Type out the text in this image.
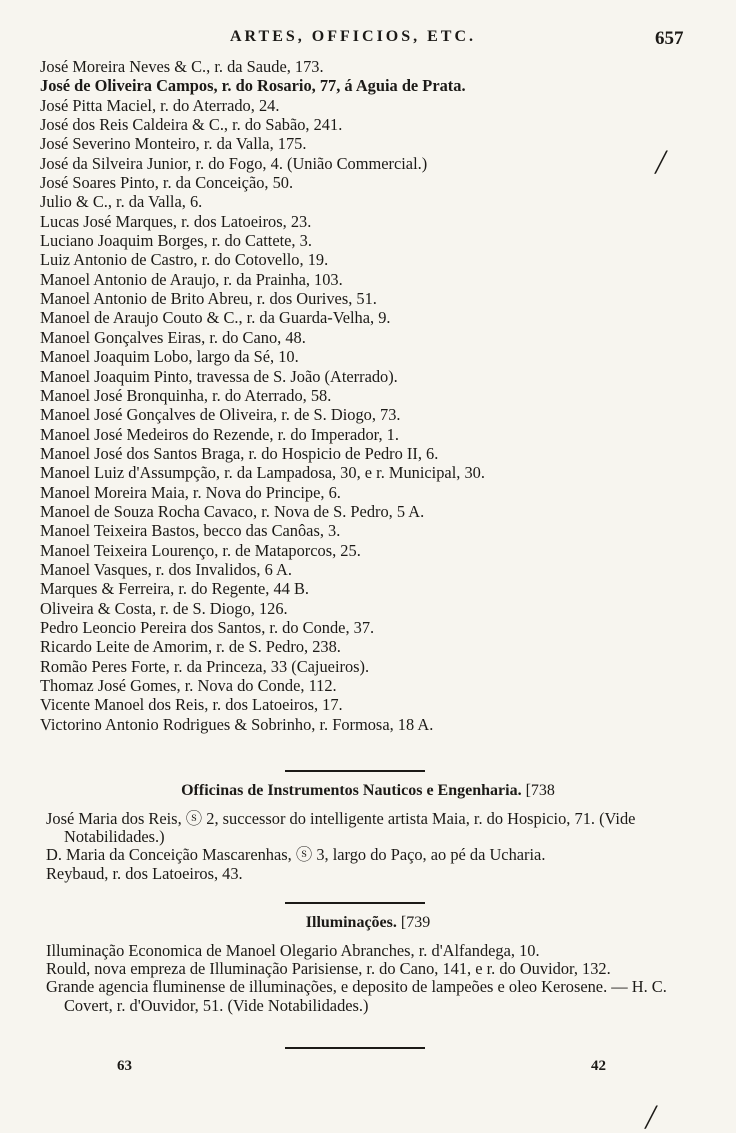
ARTES, OFFICIOS, ETC.	657
José Moreira Neves & C., r. da Saude, 173.
José de Oliveira Campos, r. do Rosario, 77, á Aguia de Prata.
José Pitta Maciel, r. do Aterrado, 24.
José dos Reis Caldeira & C., r. do Sabão, 241.
José Severino Monteiro, r. da Valla, 175.
José da Silveira Junior, r. do Fogo, 4. (União Commercial.)
José Soares Pinto, r. da Conceição, 50.
Julio & C., r. da Valla, 6.
Lucas José Marques, r. dos Latoeiros, 23.
Luciano Joaquim Borges, r. do Cattete, 3.
Luiz Antonio de Castro, r. do Cotovello, 19.
Manoel Antonio de Araujo, r. da Prainha, 103.
Manoel Antonio de Brito Abreu, r. dos Ourives, 51.
Manoel de Araujo Couto & C., r. da Guarda-Velha, 9.
Manoel Gonçalves Eiras, r. do Cano, 48.
Manoel Joaquim Lobo, largo da Sé, 10.
Manoel Joaquim Pinto, travessa de S. João (Aterrado).
Manoel José Bronquinha, r. do Aterrado, 58.
Manoel José Gonçalves de Oliveira, r. de S. Diogo, 73.
Manoel José Medeiros do Rezende, r. do Imperador, 1.
Manoel José dos Santos Braga, r. do Hospicio de Pedro II, 6.
Manoel Luiz d'Assumpção, r. da Lampadosa, 30, e r. Municipal, 30.
Manoel Moreira Maia, r. Nova do Principe, 6.
Manoel de Souza Rocha Cavaco, r. Nova de S. Pedro, 5 A.
Manoel Teixeira Bastos, becco das Canôas, 3.
Manoel Teixeira Lourenço, r. de Mataporcos, 25.
Manoel Vasques, r. dos Invalidos, 6 A.
Marques & Ferreira, r. do Regente, 44 B.
Oliveira & Costa, r. de S. Diogo, 126.
Pedro Leoncio Pereira dos Santos, r. do Conde, 37.
Ricardo Leite de Amorim, r. de S. Pedro, 238.
Romão Peres Forte, r. da Princeza, 33 (Cajueiros).
Thomaz José Gomes, r. Nova do Conde, 112.
Vicente Manoel dos Reis, r. dos Latoeiros, 17.
Victorino Antonio Rodrigues & Sobrinho, r. Formosa, 18 A.
Officinas de Instrumentos Nauticos e Engenharia. [738
José Maria dos Reis, ⓢ 2, successor do intelligente artista Maia, r. do Hospicio, 71. (Vide Notabilidades.)
D. Maria da Conceição Mascarenhas, ⓢ 3, largo do Paço, ao pé da Ucharia.
Reybaud, r. dos Latoeiros, 43.
Illuminações. [739
Illuminação Economica de Manoel Olegario Abranches, r. d'Alfandega, 10.
Rould, nova empreza de Illuminação Parisiense, r. do Cano, 141, e r. do Ouvidor, 132.
Grande agencia fluminense de illuminações, e deposito de lampeões e oleo Kerosene. — H. C. Covert, r. d'Ouvidor, 51. (Vide Notabilidades.)
63	42
╱
╱
